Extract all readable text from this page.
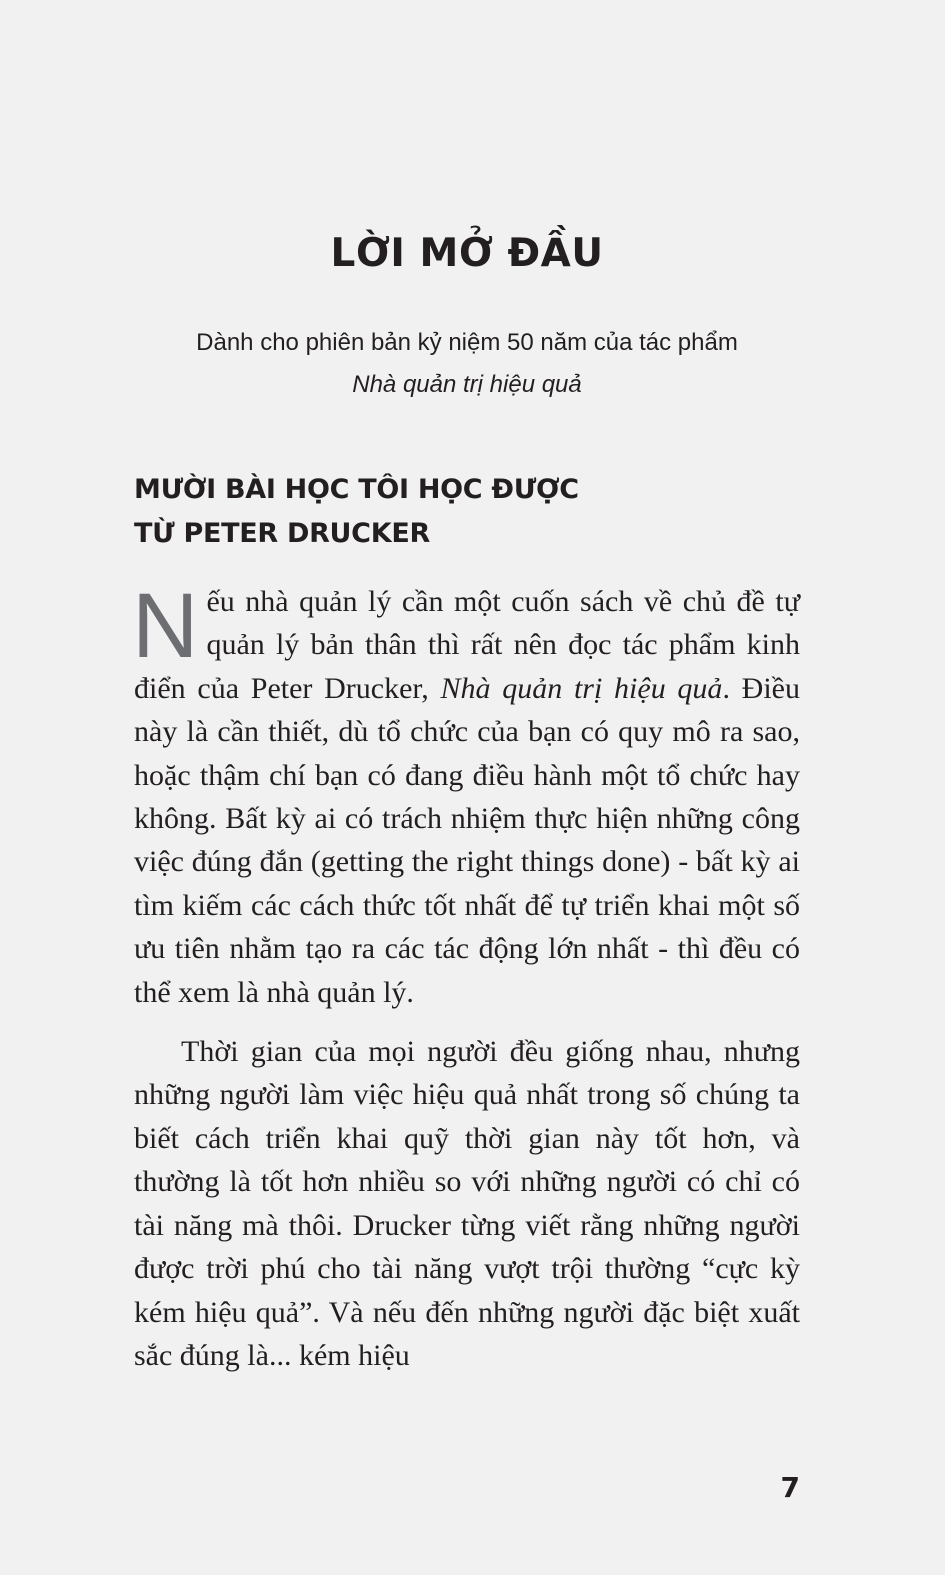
LỜI MỞ ĐẦU
Dành cho phiên bản kỷ niệm 50 năm của tác phẩm
Nhà quản trị hiệu quả
MƯỜI BÀI HỌC TÔI HỌC ĐƯỢC
TỪ PETER DRUCKER

Nếu nhà quản lý cần một cuốn sách về chủ đề tự quản lý bản thân thì rất nên đọc tác phẩm kinh điển của Peter Drucker, Nhà quản trị hiệu quả. Điều này là cần thiết, dù tổ chức của bạn có quy mô ra sao, hoặc thậm chí bạn có đang điều hành một tổ chức hay không. Bất kỳ ai có trách nhiệm thực hiện những công việc đúng đắn (getting the right things done) - bất kỳ ai tìm kiếm các cách thức tốt nhất để tự triển khai một số ưu tiên nhằm tạo ra các tác động lớn nhất - thì đều có thể xem là nhà quản lý.

Thời gian của mọi người đều giống nhau, nhưng những người làm việc hiệu quả nhất trong số chúng ta biết cách triển khai quỹ thời gian này tốt hơn, và thường là tốt hơn nhiều so với những người có chỉ có tài năng mà thôi. Drucker từng viết rằng những người được trời phú cho tài năng vượt trội thường “cực kỳ kém hiệu quả”. Và nếu đến những người đặc biệt xuất sắc đúng là... kém hiệu

7
